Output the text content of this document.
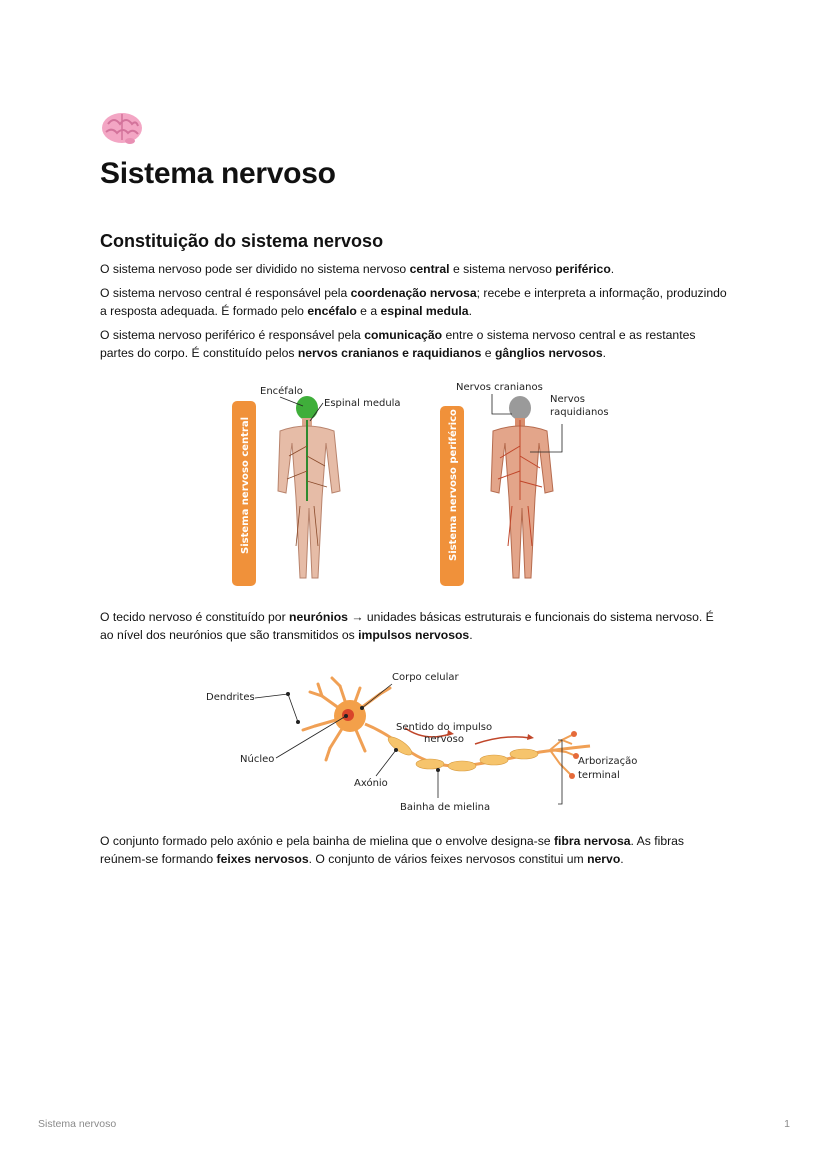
Sistema nervoso
Constituição do sistema nervoso

O sistema nervoso pode ser dividido no sistema nervoso central e sistema nervoso periférico.

O sistema nervoso central é responsável pela coordenação nervosa; recebe e interpreta a informação, produzindo a resposta adequada. É formado pelo encéfalo e a espinal medula.

O sistema nervoso periférico é responsável pela comunicação entre o sistema nervoso central e as restantes partes do corpo. É constituído pelos nervos cranianos e raquidianos e gânglios nervosos.

Sistema nervoso central
Encéfalo
Espinal medula
Sistema nervoso periférico
Nervos cranianos
Nervos
raquidianos

O tecido nervoso é constituído por neurónios → unidades básicas estruturais e funcionais do sistema nervoso. É ao nível dos neurónios que são transmitidos os impulsos nervosos.

Dendrites
Corpo celular
Sentido do impulso
nervoso
Núcleo
Axónio
Arborização
terminal
Bainha de mielina

O conjunto formado pelo axónio e pela bainha de mielina que o envolve designa-se fibra nervosa. As fibras reúnem-se formando feixes nervosos. O conjunto de vários feixes nervosos constitui um nervo.

Sistema nervoso	1
